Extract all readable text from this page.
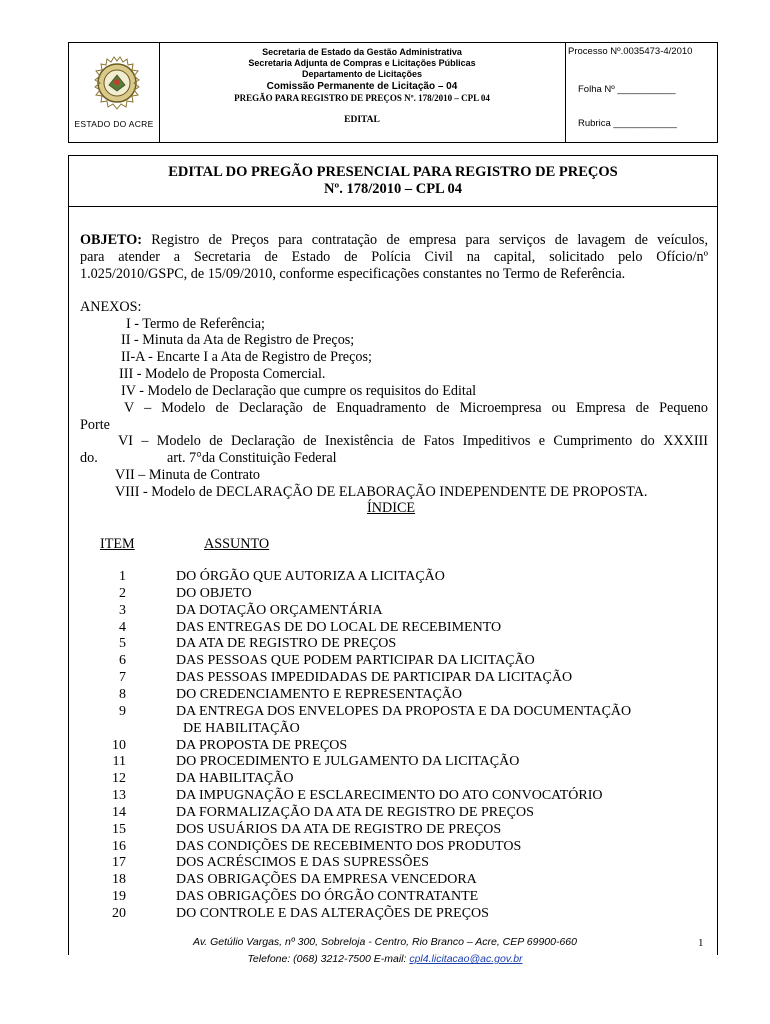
ESTADO DO ACRE
Secretaria de Estado da Gestão Administrativa
Secretaria Adjunta de Compras e Licitações Públicas
Departamento de Licitações
Comissão Permanente de Licitação – 04
PREGÃO PARA REGISTRO DE PREÇOS Nº. 178/2010 – CPL 04
EDITAL
Processo Nº.0035473-4/2010
Folha Nº ___________
Rubrica ____________
EDITAL DO PREGÃO PRESENCIAL PARA REGISTRO DE PREÇOS
Nº. 178/2010 – CPL 04
OBJETO: Registro de Preços para contratação de empresa para serviços de lavagem de veículos,
para atender a Secretaria de Estado de Polícia Civil na capital, solicitado pelo Ofício/nº
1.025/2010/GSPC, de 15/09/2010, conforme especificações constantes no Termo de Referência.
ANEXOS:
I - Termo de Referência;
II - Minuta da Ata de Registro de Preços;
II-A - Encarte I a Ata de Registro de Preços;
III - Modelo de Proposta Comercial.
IV - Modelo de Declaração que cumpre os requisitos do Edital
V – Modelo de Declaração de Enquadramento de Microempresa ou Empresa de Pequeno
Porte
VI – Modelo de Declaração de Inexistência de Fatos Impeditivos e Cumprimento do XXXIII
do.	art. 7°da Constituição Federal
VII – Minuta de Contrato
VIII - Modelo de DECLARAÇÃO DE ELABORAÇÃO INDEPENDENTE DE PROPOSTA.
ÍNDICE
ITEM	ASSUNTO
1	DO ÓRGÃO QUE AUTORIZA A LICITAÇÃO
2	DO OBJETO
3	DA DOTAÇÃO ORÇAMENTÁRIA
4	DAS ENTREGAS DE DO LOCAL DE RECEBIMENTO
5	DA ATA DE REGISTRO DE PREÇOS
6	DAS PESSOAS QUE PODEM PARTICIPAR DA LICITAÇÃO
7	DAS PESSOAS IMPEDIDADAS DE PARTICIPAR DA LICITAÇÃO
8	DO CREDENCIAMENTO E REPRESENTAÇÃO
9	DA ENTREGA DOS ENVELOPES DA PROPOSTA E DA DOCUMENTAÇÃO
DE HABILITAÇÃO
10	DA PROPOSTA DE PREÇOS
11	DO PROCEDIMENTO E JULGAMENTO DA LICITAÇÃO
12	DA HABILITAÇÃO
13	DA IMPUGNAÇÃO E ESCLARECIMENTO DO ATO CONVOCATÓRIO
14	DA FORMALIZAÇÃO DA ATA DE REGISTRO DE PREÇOS
15	DOS USUÁRIOS DA ATA DE REGISTRO DE PREÇOS
16	DAS CONDIÇÕES DE RECEBIMENTO DOS PRODUTOS
17	DOS ACRÉSCIMOS E DAS SUPRESSÕES
18	DAS OBRIGAÇÕES DA EMPRESA VENCEDORA
19	DAS OBRIGAÇÕES DO ÓRGÃO CONTRATANTE
20	DO CONTROLE E DAS ALTERAÇÕES DE PREÇOS
Av. Getúlio Vargas, nº 300, Sobreloja - Centro, Rio Branco – Acre, CEP 69900-660
Telefone: (068) 3212-7500 E-mail: cpl4.licitacao@ac.gov.br
1
